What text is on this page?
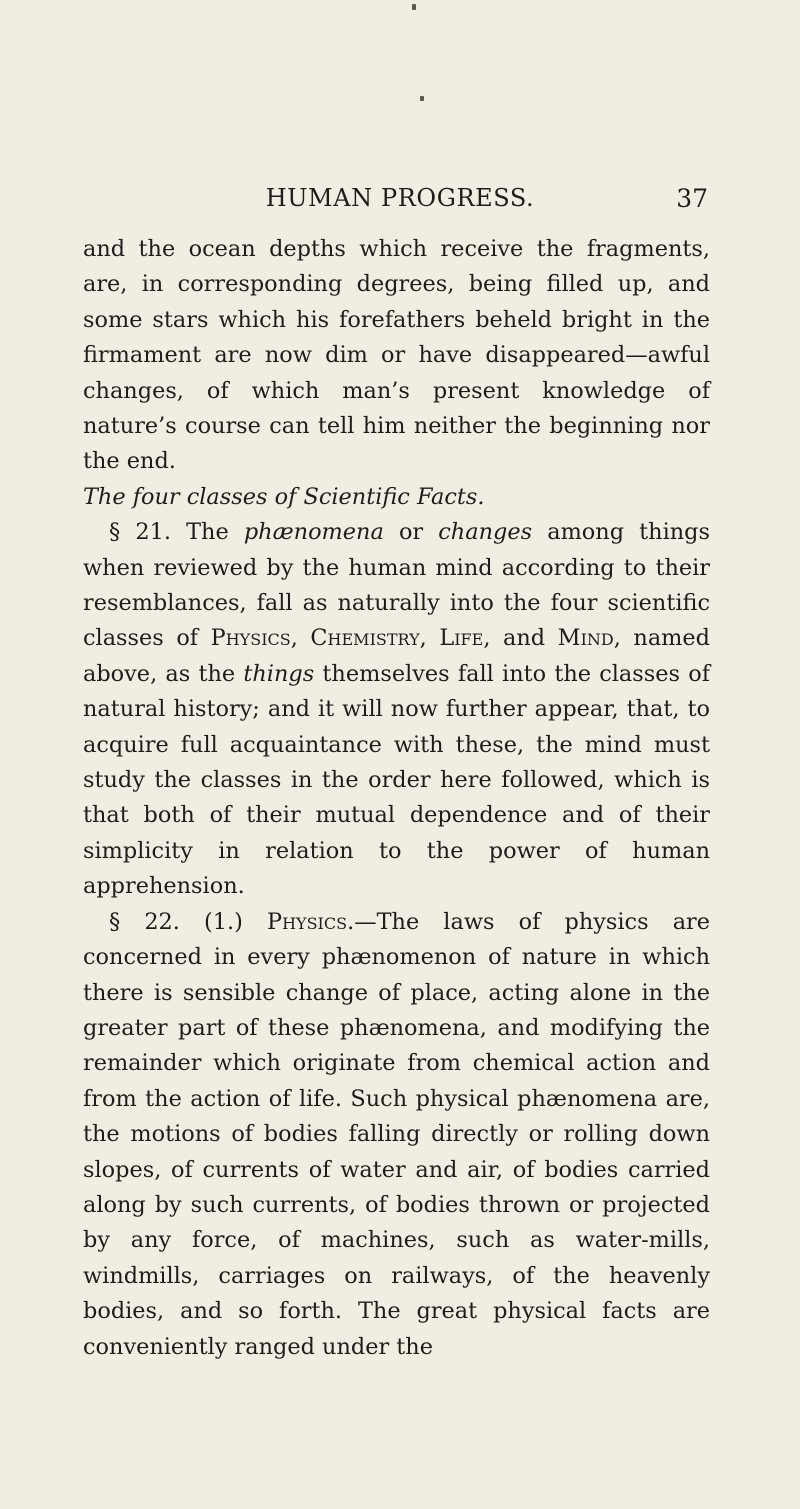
HUMAN PROGRESS.	37

and the ocean depths which receive the fragments, are, in corresponding degrees, being filled up, and some stars which his forefathers beheld bright in the firmament are now dim or have disappeared—awful changes, of which man’s present knowledge of nature’s course can tell him neither the beginning nor the end.

The four classes of Scientific Facts.

§ 21. The phænomena or changes among things when reviewed by the human mind according to their resemblances, fall as naturally into the four scientific classes of Physics, Chemistry, Life, and Mind, named above, as the things themselves fall into the classes of natural history; and it will now further appear, that, to acquire full acquaintance with these, the mind must study the classes in the order here followed, which is that both of their mutual dependence and of their simplicity in relation to the power of human apprehension.

§ 22. (1.) Physics.—The laws of physics are concerned in every phænomenon of nature in which there is sensible change of place, acting alone in the greater part of these phænomena, and modifying the remainder which originate from chemical action and from the action of life. Such physical phænomena are, the motions of bodies falling directly or rolling down slopes, of currents of water and air, of bodies carried along by such currents, of bodies thrown or projected by any force, of machines, such as water-mills, windmills, carriages on railways, of the heavenly bodies, and so forth. The great physical facts are conveniently ranged under the
